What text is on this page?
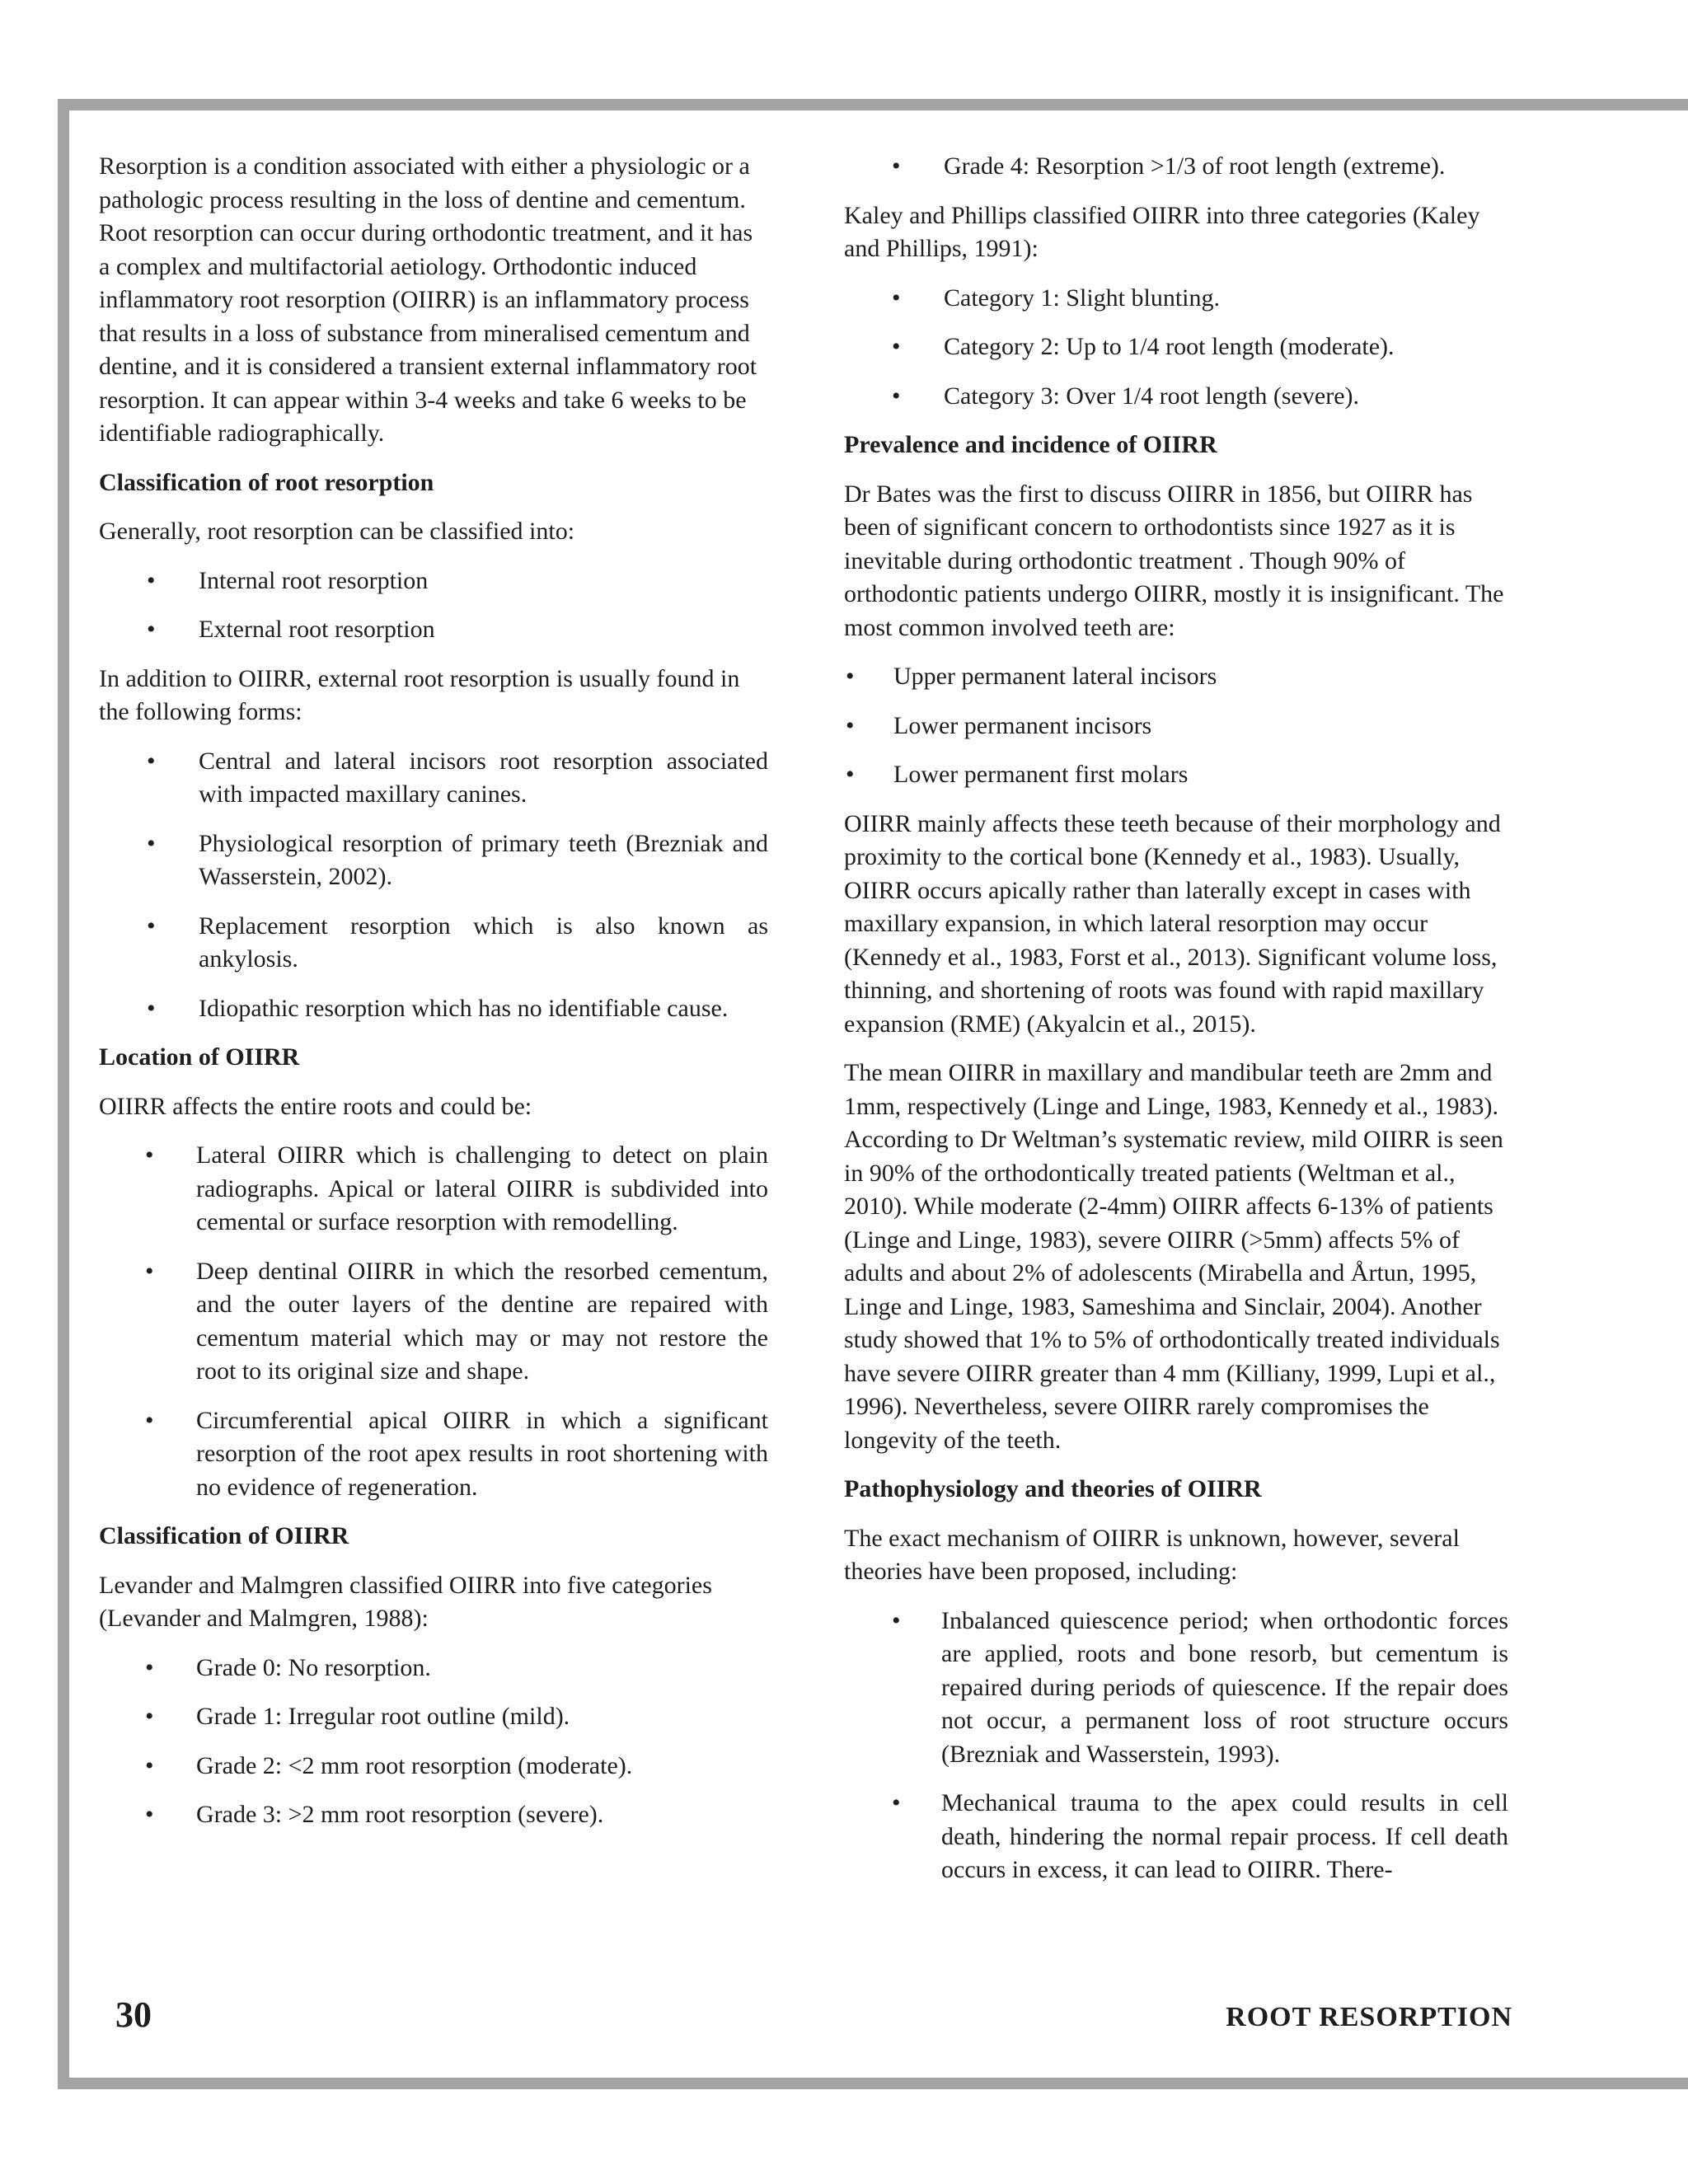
Resorption is a condition associated with either a physiologic or a pathologic process resulting in the loss of dentine and cementum. Root resorption can occur during orthodontic treatment, and it has a complex and multifactorial aetiology. Orthodontic induced inflammatory root resorption (OIIRR) is an inflammatory process that results in a loss of substance from mineralised cementum and dentine, and it is considered a transient external inflammatory root resorption. It can appear within 3-4 weeks and take 6 weeks to be identifiable radiographically.

Classification of root resorption

Generally, root resorption can be classified into:

• Internal root resorption
• External root resorption

In addition to OIIRR, external root resorption is usually found in the following forms:

• Central and lateral incisors root resorption associated with impacted maxillary canines.
• Physiological resorption of primary teeth (Brezniak and Wasserstein, 2002).
• Replacement resorption which is also known as ankylosis.
• Idiopathic resorption which has no identifiable cause.
Location of OIIRR

OIIRR affects the entire roots and could be:

• Lateral OIIRR which is challenging to detect on plain radiographs. Apical or lateral OIIRR is subdivided into cemental or surface resorption with remodelling.
• Deep dentinal OIIRR in which the resorbed cementum, and the outer layers of the dentine are repaired with cementum material which may or may not restore the root to its original size and shape.
• Circumferential apical OIIRR in which a significant resorption of the root apex results in root shortening with no evidence of regeneration.
Classification of OIIRR

Levander and Malmgren classified OIIRR into five categories (Levander and Malmgren, 1988):

• Grade 0: No resorption.
• Grade 1: Irregular root outline (mild).
• Grade 2: <2 mm root resorption (moderate).
• Grade 3: >2 mm root resorption (severe).
• Grade 4: Resorption >1/3 of root length (extreme).

Kaley and Phillips classified OIIRR into three categories (Kaley and Phillips, 1991):

• Category 1: Slight blunting.
• Category 2: Up to 1/4 root length (moderate).
• Category 3: Over 1/4 root length (severe).
Prevalence and incidence of OIIRR

Dr Bates was the first to discuss OIIRR in 1856, but OIIRR has been of significant concern to orthodontists since 1927 as it is inevitable during orthodontic treatment . Though 90% of orthodontic patients undergo OIIRR, mostly it is insignificant. The most common involved teeth are:

• Upper permanent lateral incisors
• Lower permanent incisors
• Lower permanent first molars

OIIRR mainly affects these teeth because of their morphology and proximity to the cortical bone (Kennedy et al., 1983). Usually, OIIRR occurs apically rather than laterally except in cases with maxillary expansion, in which lateral resorption may occur (Kennedy et al., 1983, Forst et al., 2013). Significant volume loss, thinning, and shortening of roots was found with rapid maxillary expansion (RME) (Akyalcin et al., 2015).

The mean OIIRR in maxillary and mandibular teeth are 2mm and 1mm, respectively (Linge and Linge, 1983, Kennedy et al., 1983). According to Dr Weltman’s systematic review, mild OIIRR is seen in 90% of the orthodontically treated patients (Weltman et al., 2010). While moderate (2-4mm) OIIRR affects 6-13% of patients (Linge and Linge, 1983), severe OIIRR (>5mm) affects 5% of adults and about 2% of adolescents (Mirabella and Årtun, 1995, Linge and Linge, 1983, Sameshima and Sinclair, 2004). Another study showed that 1% to 5% of orthodontically treated individuals have severe OIIRR greater than 4 mm (Killiany, 1999, Lupi et al., 1996). Nevertheless, severe OIIRR rarely compromises the longevity of the teeth.

Pathophysiology and theories of OIIRR

The exact mechanism of OIIRR is unknown, however, several theories have been proposed, including:

• Inbalanced quiescence period; when orthodontic forces are applied, roots and bone resorb, but cementum is repaired during periods of quiescence. If the repair does not occur, a permanent loss of root structure occurs (Brezniak and Wasserstein, 1993).
• Mechanical trauma to the apex could results in cell death, hindering the normal repair process. If cell death occurs in excess, it can lead to OIIRR. There-
30	ROOT RESORPTION
